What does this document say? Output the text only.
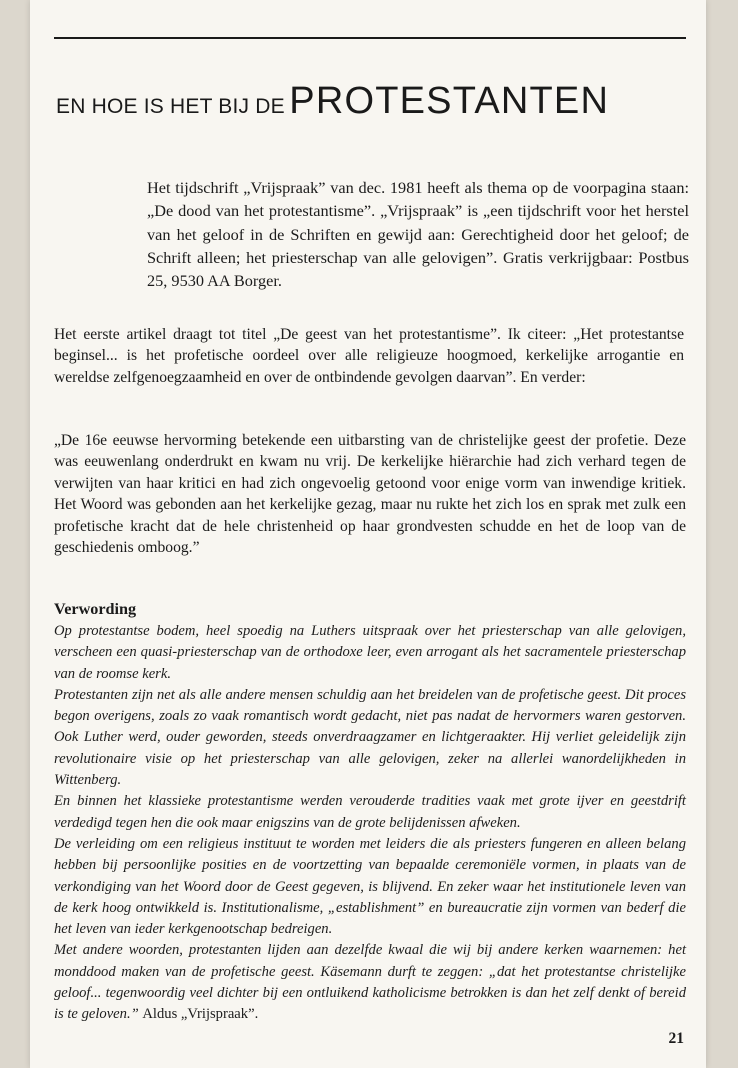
EN HOE IS HET BIJ DE PROTESTANTEN
Het tijdschrift „Vrijspraak” van dec. 1981 heeft als thema op de voorpagina staan: „De dood van het protestantisme”. „Vrijspraak” is „een tijdschrift voor het herstel van het geloof in de Schriften en gewijd aan: Gerechtigheid door het geloof; de Schrift alleen; het priesterschap van alle gelovigen”. Gratis verkrijgbaar: Postbus 25, 9530 AA Borger.
Het eerste artikel draagt tot titel „De geest van het protestantisme”. Ik citeer: „Het protestantse beginsel... is het profetische oordeel over alle religieuze hoogmoed, kerkelijke arrogantie en wereldse zelfgenoegzaamheid en over de ontbindende gevolgen daarvan”. En verder:
„De 16e eeuwse hervorming betekende een uitbarsting van de christelijke geest der profetie. Deze was eeuwenlang onderdrukt en kwam nu vrij. De kerkelijke hiërarchie had zich verhard tegen de verwijten van haar kritici en had zich ongevoelig getoond voor enige vorm van inwendige kritiek. Het Woord was gebonden aan het kerkelijke gezag, maar nu rukte het zich los en sprak met zulk een profetische kracht dat de hele christenheid op haar grondvesten schudde en het de loop van de geschiedenis omboog.”
Verwording

Op protestantse bodem, heel spoedig na Luthers uitspraak over het priesterschap van alle gelovigen, verscheen een quasi-priesterschap van de orthodoxe leer, even arrogant als het sacramentele priesterschap van de roomse kerk.

Protestanten zijn net als alle andere mensen schuldig aan het breidelen van de profetische geest. Dit proces begon overigens, zoals zo vaak romantisch wordt gedacht, niet pas nadat de hervormers waren gestorven. Ook Luther werd, ouder geworden, steeds onverdraagzamer en lichtgeraakter. Hij verliet geleidelijk zijn revolutionaire visie op het priesterschap van alle gelovigen, zeker na allerlei wanordelijkheden in Wittenberg.

En binnen het klassieke protestantisme werden verouderde tradities vaak met grote ijver en geestdrift verdedigd tegen hen die ook maar enigszins van de grote belijdenissen afweken.

De verleiding om een religieus instituut te worden met leiders die als priesters fungeren en alleen belang hebben bij persoonlijke posities en de voortzetting van bepaalde ceremoniële vormen, in plaats van de verkondiging van het Woord door de Geest gegeven, is blijvend. En zeker waar het institutionele leven van de kerk hoog ontwikkeld is. Institutionalisme, „establishment” en bureaucratie zijn vormen van bederf die het leven van ieder kerkgenootschap bedreigen.

Met andere woorden, protestanten lijden aan dezelfde kwaal die wij bij andere kerken waarnemen: het monddood maken van de profetische geest. Käsemann durft te zeggen: „dat het protestantse christelijke geloof... tegenwoordig veel dichter bij een ontluikend katholicisme betrokken is dan het zelf denkt of bereid is te geloven.” Aldus „Vrijspraak”.

21
